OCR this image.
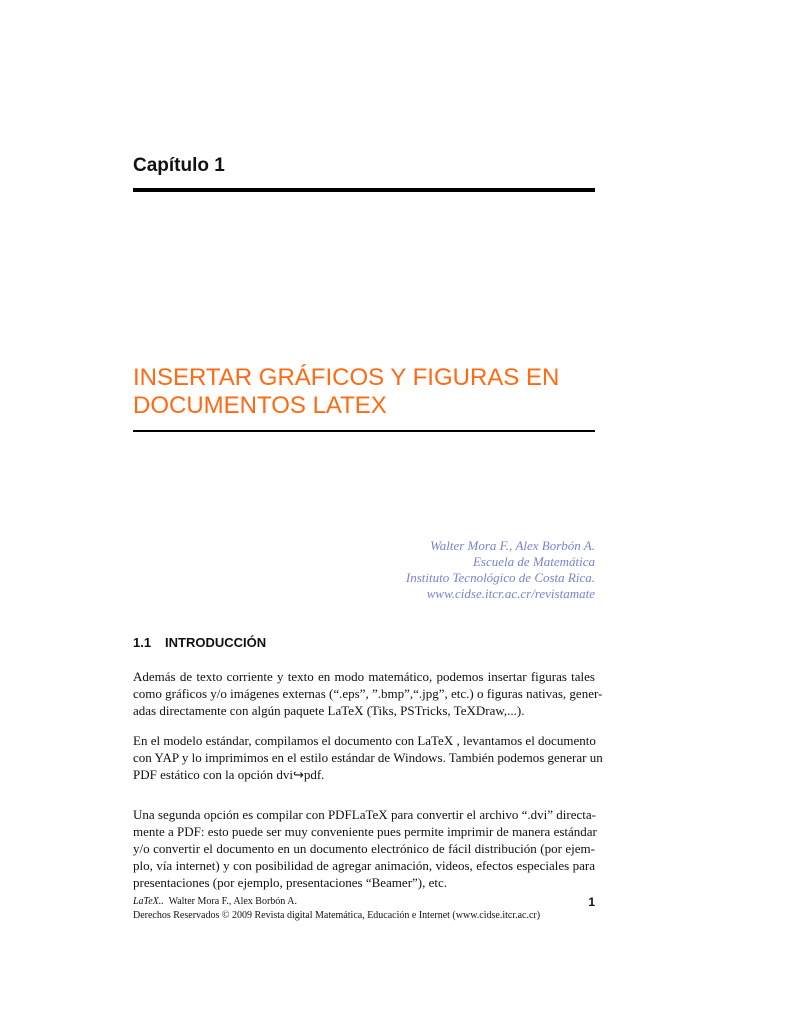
Capítulo 1
INSERTAR GRÁFICOS Y FIGURAS EN
DOCUMENTOS LATEX
Walter Mora F., Alex Borbón A.
Escuela de Matemática
Instituto Tecnológico de Costa Rica.
www.cidse.itcr.ac.cr/revistamate
1.1 INTRODUCCIÓN
Además de texto corriente y texto en modo matemático, podemos insertar figuras tales
como gráficos y/o imágenes externas (“.eps”, ”.bmp”,“.jpg”, etc.) o figuras nativas, gener-
adas directamente con algún paquete LaTeX (Tiks, PSTricks, TeXDraw,...).
En el modelo estándar, compilamos el documento con LaTeX , levantamos el documento
con YAP y lo imprimimos en el estilo estándar de Windows. También podemos generar un
PDF estático con la opción dvi↪pdf.
Una segunda opción es compilar con PDFLaTeX para convertir el archivo “.dvi” directa-
mente a PDF: esto puede ser muy conveniente pues permite imprimir de manera estándar
y/o convertir el documento en un documento electrónico de fácil distribución (por ejem-
plo, vía internet) y con posibilidad de agregar animación, videos, efectos especiales para
presentaciones (por ejemplo, presentaciones “Beamer”), etc.
LaTeX.. Walter Mora F., Alex Borbón A.
Derechos Reservados © 2009 Revista digital Matemática, Educación e Internet (www.cidse.itcr.ac.cr)
1
